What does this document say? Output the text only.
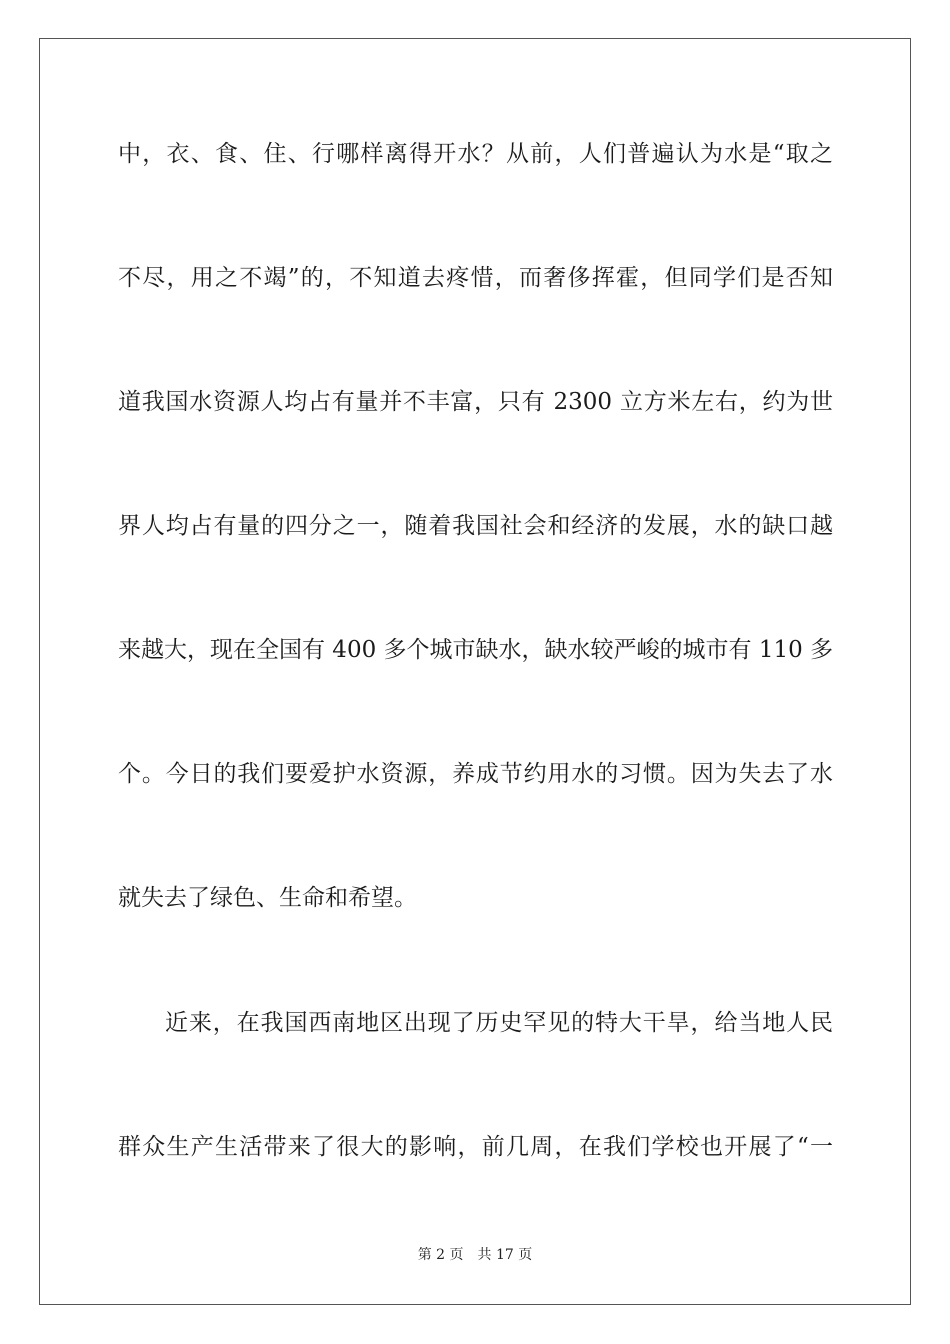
中，衣、食、住、行哪样离得开水？从前，人们普遍认为水是“取之
不尽，用之不竭”的，不知道去疼惜，而奢侈挥霍，但同学们是否知
道我国水资源人均占有量并不丰富，只有 2300 立方米左右，约为世
界人均占有量的四分之一，随着我国社会和经济的发展，水的缺口越
来越大，现在全国有 400 多个城市缺水，缺水较严峻的城市有 110 多
个。今日的我们要爱护水资源，养成节约用水的习惯。因为失去了水
就失去了绿色、生命和希望。
近来，在我国西南地区出现了历史罕见的特大干旱，给当地人民
群众生产生活带来了很大的影响，前几周，在我们学校也开展了“一
第 2 页 共 17 页
